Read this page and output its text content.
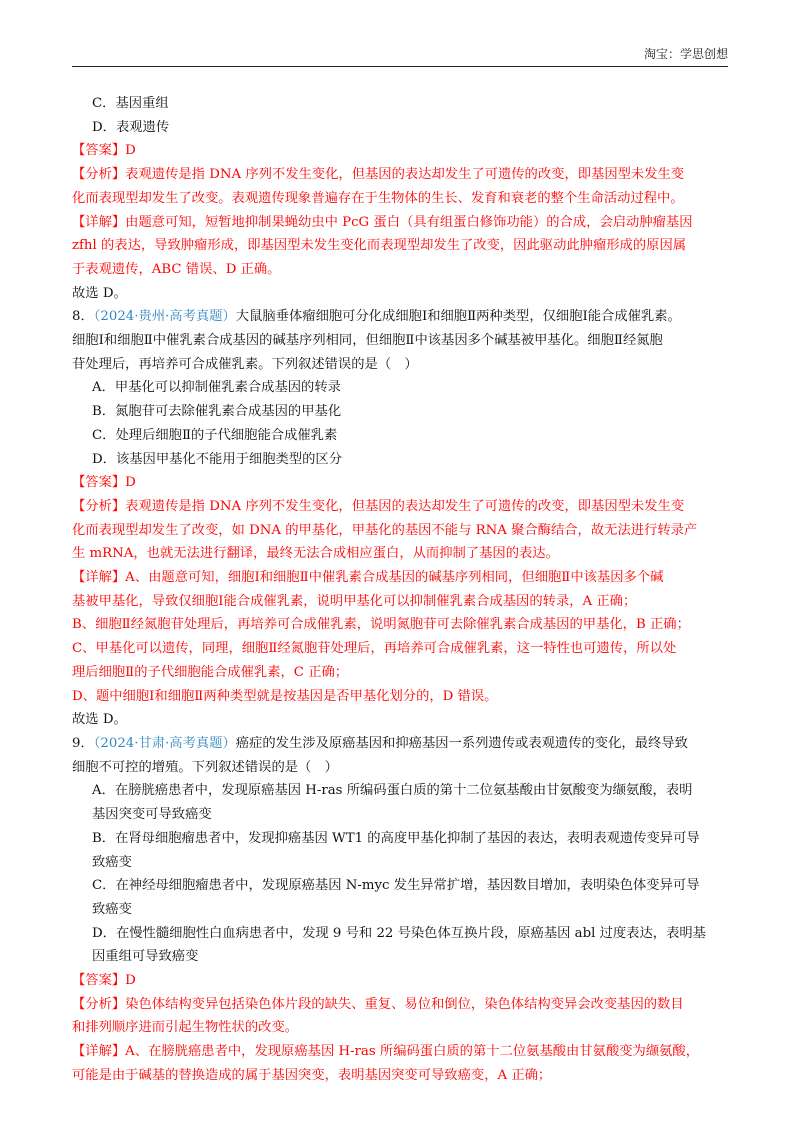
淘宝：学思创想
C．基因重组
D．表观遗传
【答案】D
【分析】表观遗传是指 DNA 序列不发生变化，但基因的表达却发生了可遗传的改变，即基因型未发生变
化而表现型却发生了改变。表观遗传现象普遍存在于生物体的生长、发育和衰老的整个生命活动过程中。
【详解】由题意可知，短暂地抑制果蝇幼虫中 PcG 蛋白（具有组蛋白修饰功能）的合成，会启动肿瘤基因
zfhl 的表达，导致肿瘤形成，即基因型未发生变化而表现型却发生了改变，因此驱动此肿瘤形成的原因属
于表观遗传，ABC 错误、D 正确。
故选 D。
8．（2024·贵州·高考真题）大鼠脑垂体瘤细胞可分化成细胞Ⅰ和细胞Ⅱ两种类型，仅细胞Ⅰ能合成催乳素。
细胞Ⅰ和细胞Ⅱ中催乳素合成基因的碱基序列相同，但细胞Ⅱ中该基因多个碱基被甲基化。细胞Ⅱ经氮胞
苷处理后，再培养可合成催乳素。下列叙述错误的是（　）
A．甲基化可以抑制催乳素合成基因的转录
B．氮胞苷可去除催乳素合成基因的甲基化
C．处理后细胞Ⅱ的子代细胞能合成催乳素
D．该基因甲基化不能用于细胞类型的区分
【答案】D
【分析】表观遗传是指 DNA 序列不发生变化，但基因的表达却发生了可遗传的改变，即基因型未发生变
化而表现型却发生了改变，如 DNA 的甲基化，甲基化的基因不能与 RNA 聚合酶结合，故无法进行转录产
生 mRNA，也就无法进行翻译，最终无法合成相应蛋白，从而抑制了基因的表达。
【详解】A、由题意可知，细胞Ⅰ和细胞Ⅱ中催乳素合成基因的碱基序列相同，但细胞Ⅱ中该基因多个碱
基被甲基化，导致仅细胞Ⅰ能合成催乳素，说明甲基化可以抑制催乳素合成基因的转录，A 正确；
B、细胞Ⅱ经氮胞苷处理后，再培养可合成催乳素，说明氮胞苷可去除催乳素合成基因的甲基化，B 正确；
C、甲基化可以遗传，同理，细胞Ⅱ经氮胞苷处理后，再培养可合成催乳素，这一特性也可遗传，所以处
理后细胞Ⅱ的子代细胞能合成催乳素，C 正确；
D、题中细胞Ⅰ和细胞Ⅱ两种类型就是按基因是否甲基化划分的，D 错误。
故选 D。
9．（2024·甘肃·高考真题）癌症的发生涉及原癌基因和抑癌基因一系列遗传或表观遗传的变化，最终导致
细胞不可控的增殖。下列叙述错误的是（　）
A．在膀胱癌患者中，发现原癌基因 H-ras 所编码蛋白质的第十二位氨基酸由甘氨酸变为缬氨酸，表明
基因突变可导致癌变
B．在肾母细胞瘤患者中，发现抑癌基因 WT1 的高度甲基化抑制了基因的表达，表明表观遗传变异可导
致癌变
C．在神经母细胞瘤患者中，发现原癌基因 N-myc 发生异常扩增，基因数目增加，表明染色体变异可导
致癌变
D．在慢性髓细胞性白血病患者中，发现 9 号和 22 号染色体互换片段，原癌基因 abl 过度表达，表明基
因重组可导致癌变
【答案】D
【分析】染色体结构变异包括染色体片段的缺失、重复、易位和倒位，染色体结构变异会改变基因的数目
和排列顺序进而引起生物性状的改变。
【详解】A、在膀胱癌患者中，发现原癌基因 H-ras 所编码蛋白质的第十二位氨基酸由甘氨酸变为缬氨酸，
可能是由于碱基的替换造成的属于基因突变，表明基因突变可导致癌变，A 正确；
